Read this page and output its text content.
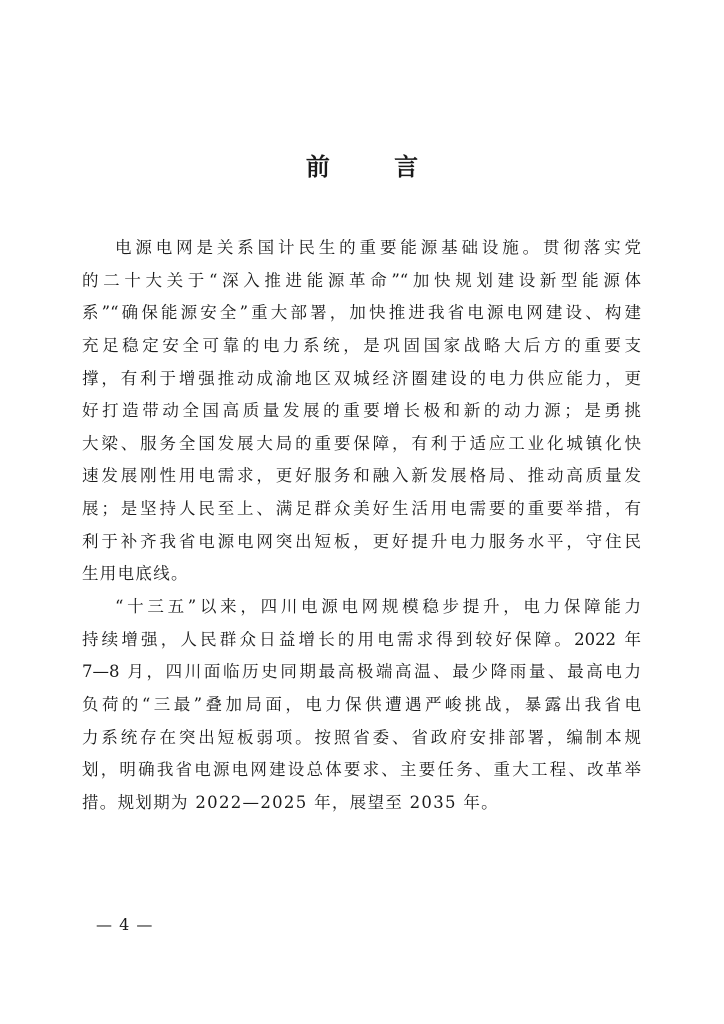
前 言
电源电网是关系国计民生的重要能源基础设施。贯彻落实党
的二十大关于“深入推进能源革命”“加快规划建设新型能源体
系”“确保能源安全”重大部署，加快推进我省电源电网建设、构建
充足稳定安全可靠的电力系统，是巩固国家战略大后方的重要支
撑，有利于增强推动成渝地区双城经济圈建设的电力供应能力，更
好打造带动全国高质量发展的重要增长极和新的动力源；是勇挑
大梁、服务全国发展大局的重要保障，有利于适应工业化城镇化快
速发展刚性用电需求，更好服务和融入新发展格局、推动高质量发
展；是坚持人民至上、满足群众美好生活用电需要的重要举措，有
利于补齐我省电源电网突出短板，更好提升电力服务水平，守住民
生用电底线。
“十三五”以来，四川电源电网规模稳步提升，电力保障能力
持续增强，人民群众日益增长的用电需求得到较好保障。2022 年
7—8 月，四川面临历史同期最高极端高温、最少降雨量、最高电力
负荷的“三最”叠加局面，电力保供遭遇严峻挑战，暴露出我省电
力系统存在突出短板弱项。按照省委、省政府安排部署，编制本规
划，明确我省电源电网建设总体要求、主要任务、重大工程、改革举
措。规划期为 2022—2025 年，展望至 2035 年。
— 4 —
